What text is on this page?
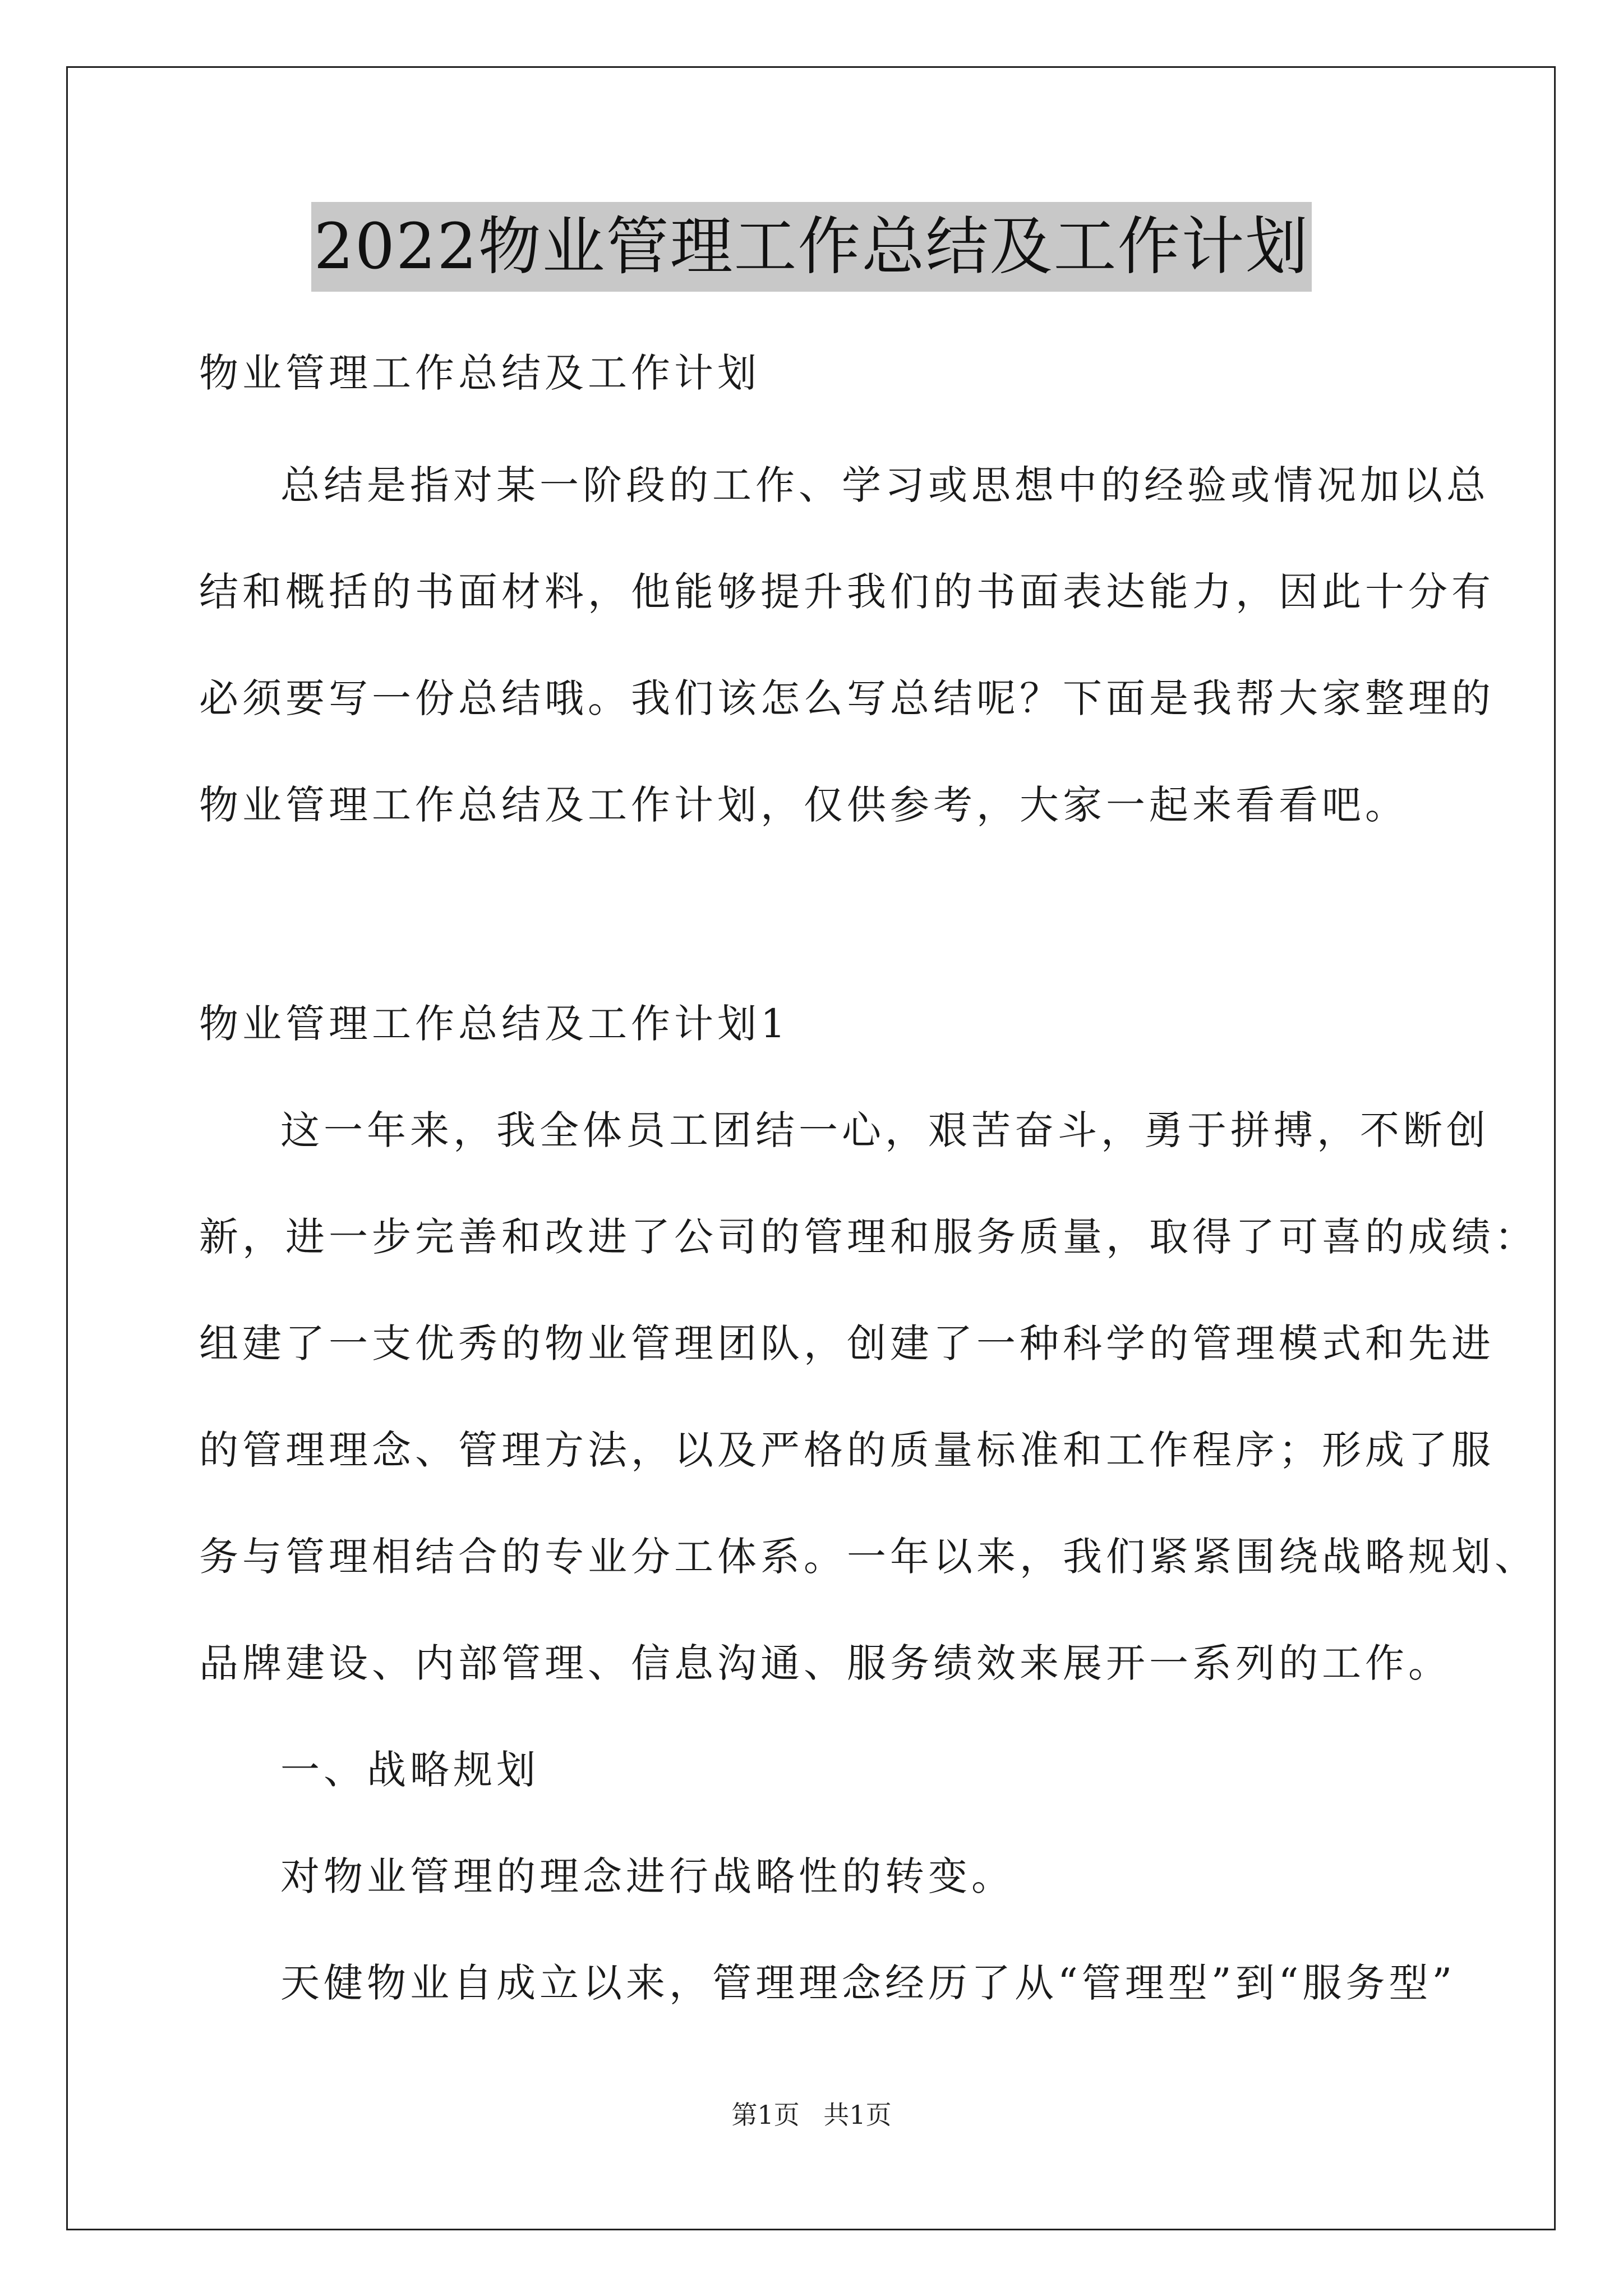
2022物业管理工作总结及工作计划
物业管理工作总结及工作计划
总结是指对某一阶段的工作、学习或思想中的经验或情况加以总
结和概括的书面材料，他能够提升我们的书面表达能力，因此十分有
必须要写一份总结哦。我们该怎么写总结呢？下面是我帮大家整理的
物业管理工作总结及工作计划，仅供参考，大家一起来看看吧。
物业管理工作总结及工作计划1
这一年来，我全体员工团结一心，艰苦奋斗，勇于拼搏，不断创
新，进一步完善和改进了公司的管理和服务质量，取得了可喜的成绩：
组建了一支优秀的物业管理团队，创建了一种科学的管理模式和先进
的管理理念、管理方法，以及严格的质量标准和工作程序；形成了服
务与管理相结合的专业分工体系。一年以来，我们紧紧围绕战略规划、
品牌建设、内部管理、信息沟通、服务绩效来展开一系列的工作。
一、战略规划
对物业管理的理念进行战略性的转变。
天健物业自成立以来，管理理念经历了从“管理型”到“服务型”
第1页 共1页
